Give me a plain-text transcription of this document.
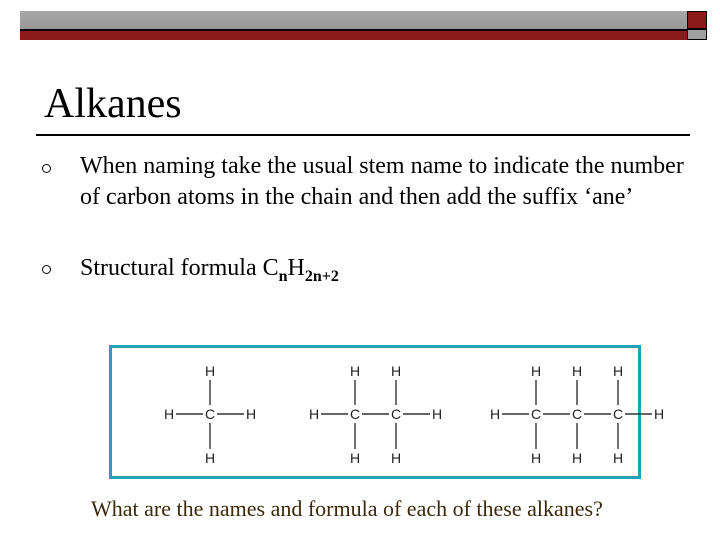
Alkanes
When naming take the usual stem name to indicate the number of carbon atoms in the chain and then add the suffix ‘ane’
Structural formula $C_nH_{2n+2}$
H C
H
H
H	H C
H
H
C
H
H
H	H C
H
H
C
H
H
C
H
H
H
What are the names and formula of each of these alkanes?
